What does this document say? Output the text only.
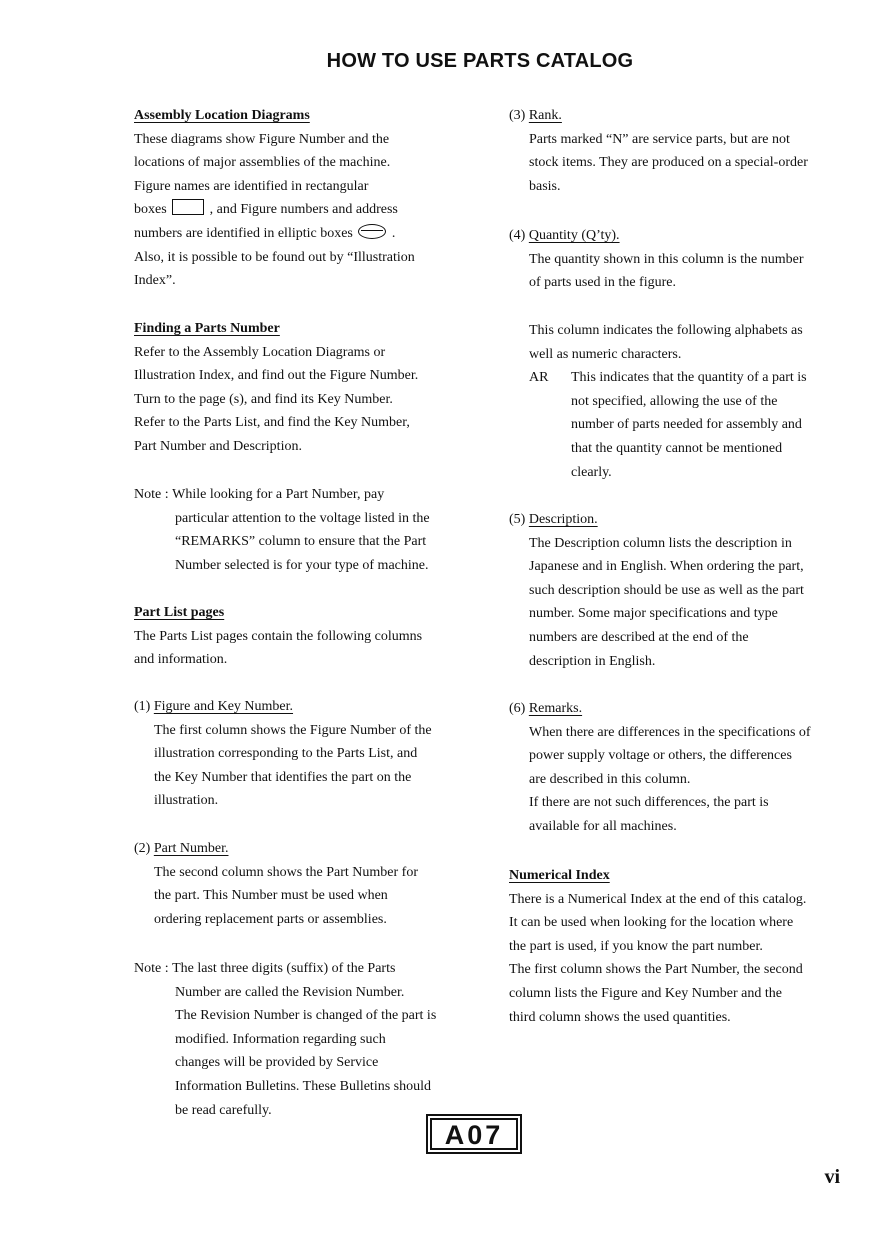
HOW TO USE PARTS CATALOG

Assembly Location Diagrams

These diagrams show Figure Number and the

locations of major assemblies of the machine.

Figure names are identified in rectangular

boxes	, and Figure numbers and address

numbers are identified in elliptic boxes	.

Also, it is possible to be found out by “Illustration

Index”.

Finding a Parts Number

Refer to the Assembly Location Diagrams or

Illustration Index, and find out the Figure Number.

Turn to the page (s), and find its Key Number.

Refer to the Parts List, and find the Key Number,

Part Number and Description.

Note : While looking for a Part Number, pay

particular attention to the voltage listed in the

“REMARKS” column to ensure that the Part

Number selected is for your type of machine.

Part List pages

The Parts List pages contain the following columns

and information.

(1) Figure and Key Number.

The first column shows the Figure Number of the

illustration corresponding to the Parts List, and

the Key Number that identifies the part on the

illustration.

(2) Part Number.

The second column shows the Part Number for

the part. This Number must be used when

ordering replacement parts or assemblies.

Note : The last three digits (suffix) of the Parts

Number are called the Revision Number.

The Revision Number is changed of the part is

modified. Information regarding such

changes will be provided by Service

Information Bulletins. These Bulletins should

be read carefully.

(3) Rank.

Parts marked “N” are service parts, but are not

stock items. They are produced on a special-order

basis.

(4) Quantity (Q’ty).

The quantity shown in this column is the number

of parts used in the figure.

This column indicates the following alphabets as

well as numeric characters.

AR	This indicates that the quantity of a part is

not specified, allowing the use of the

number of parts needed for assembly and

that the quantity cannot be mentioned

clearly.

(5) Description.

The Description column lists the description in

Japanese and in English. When ordering the part,

such description should be use as well as the part

number. Some major specifications and type

numbers are described at the end of the

description in English.

(6) Remarks.

When there are differences in the specifications of

power supply voltage or others, the differences

are described in this column.

If there are not such differences, the part is

available for all machines.

Numerical Index

There is a Numerical Index at the end of this catalog.

It can be used when looking for the location where

the part is used, if you know the part number.

The first column shows the Part Number, the second

column lists the Figure and Key Number and the

third column shows the used quantities.

A07
vi
